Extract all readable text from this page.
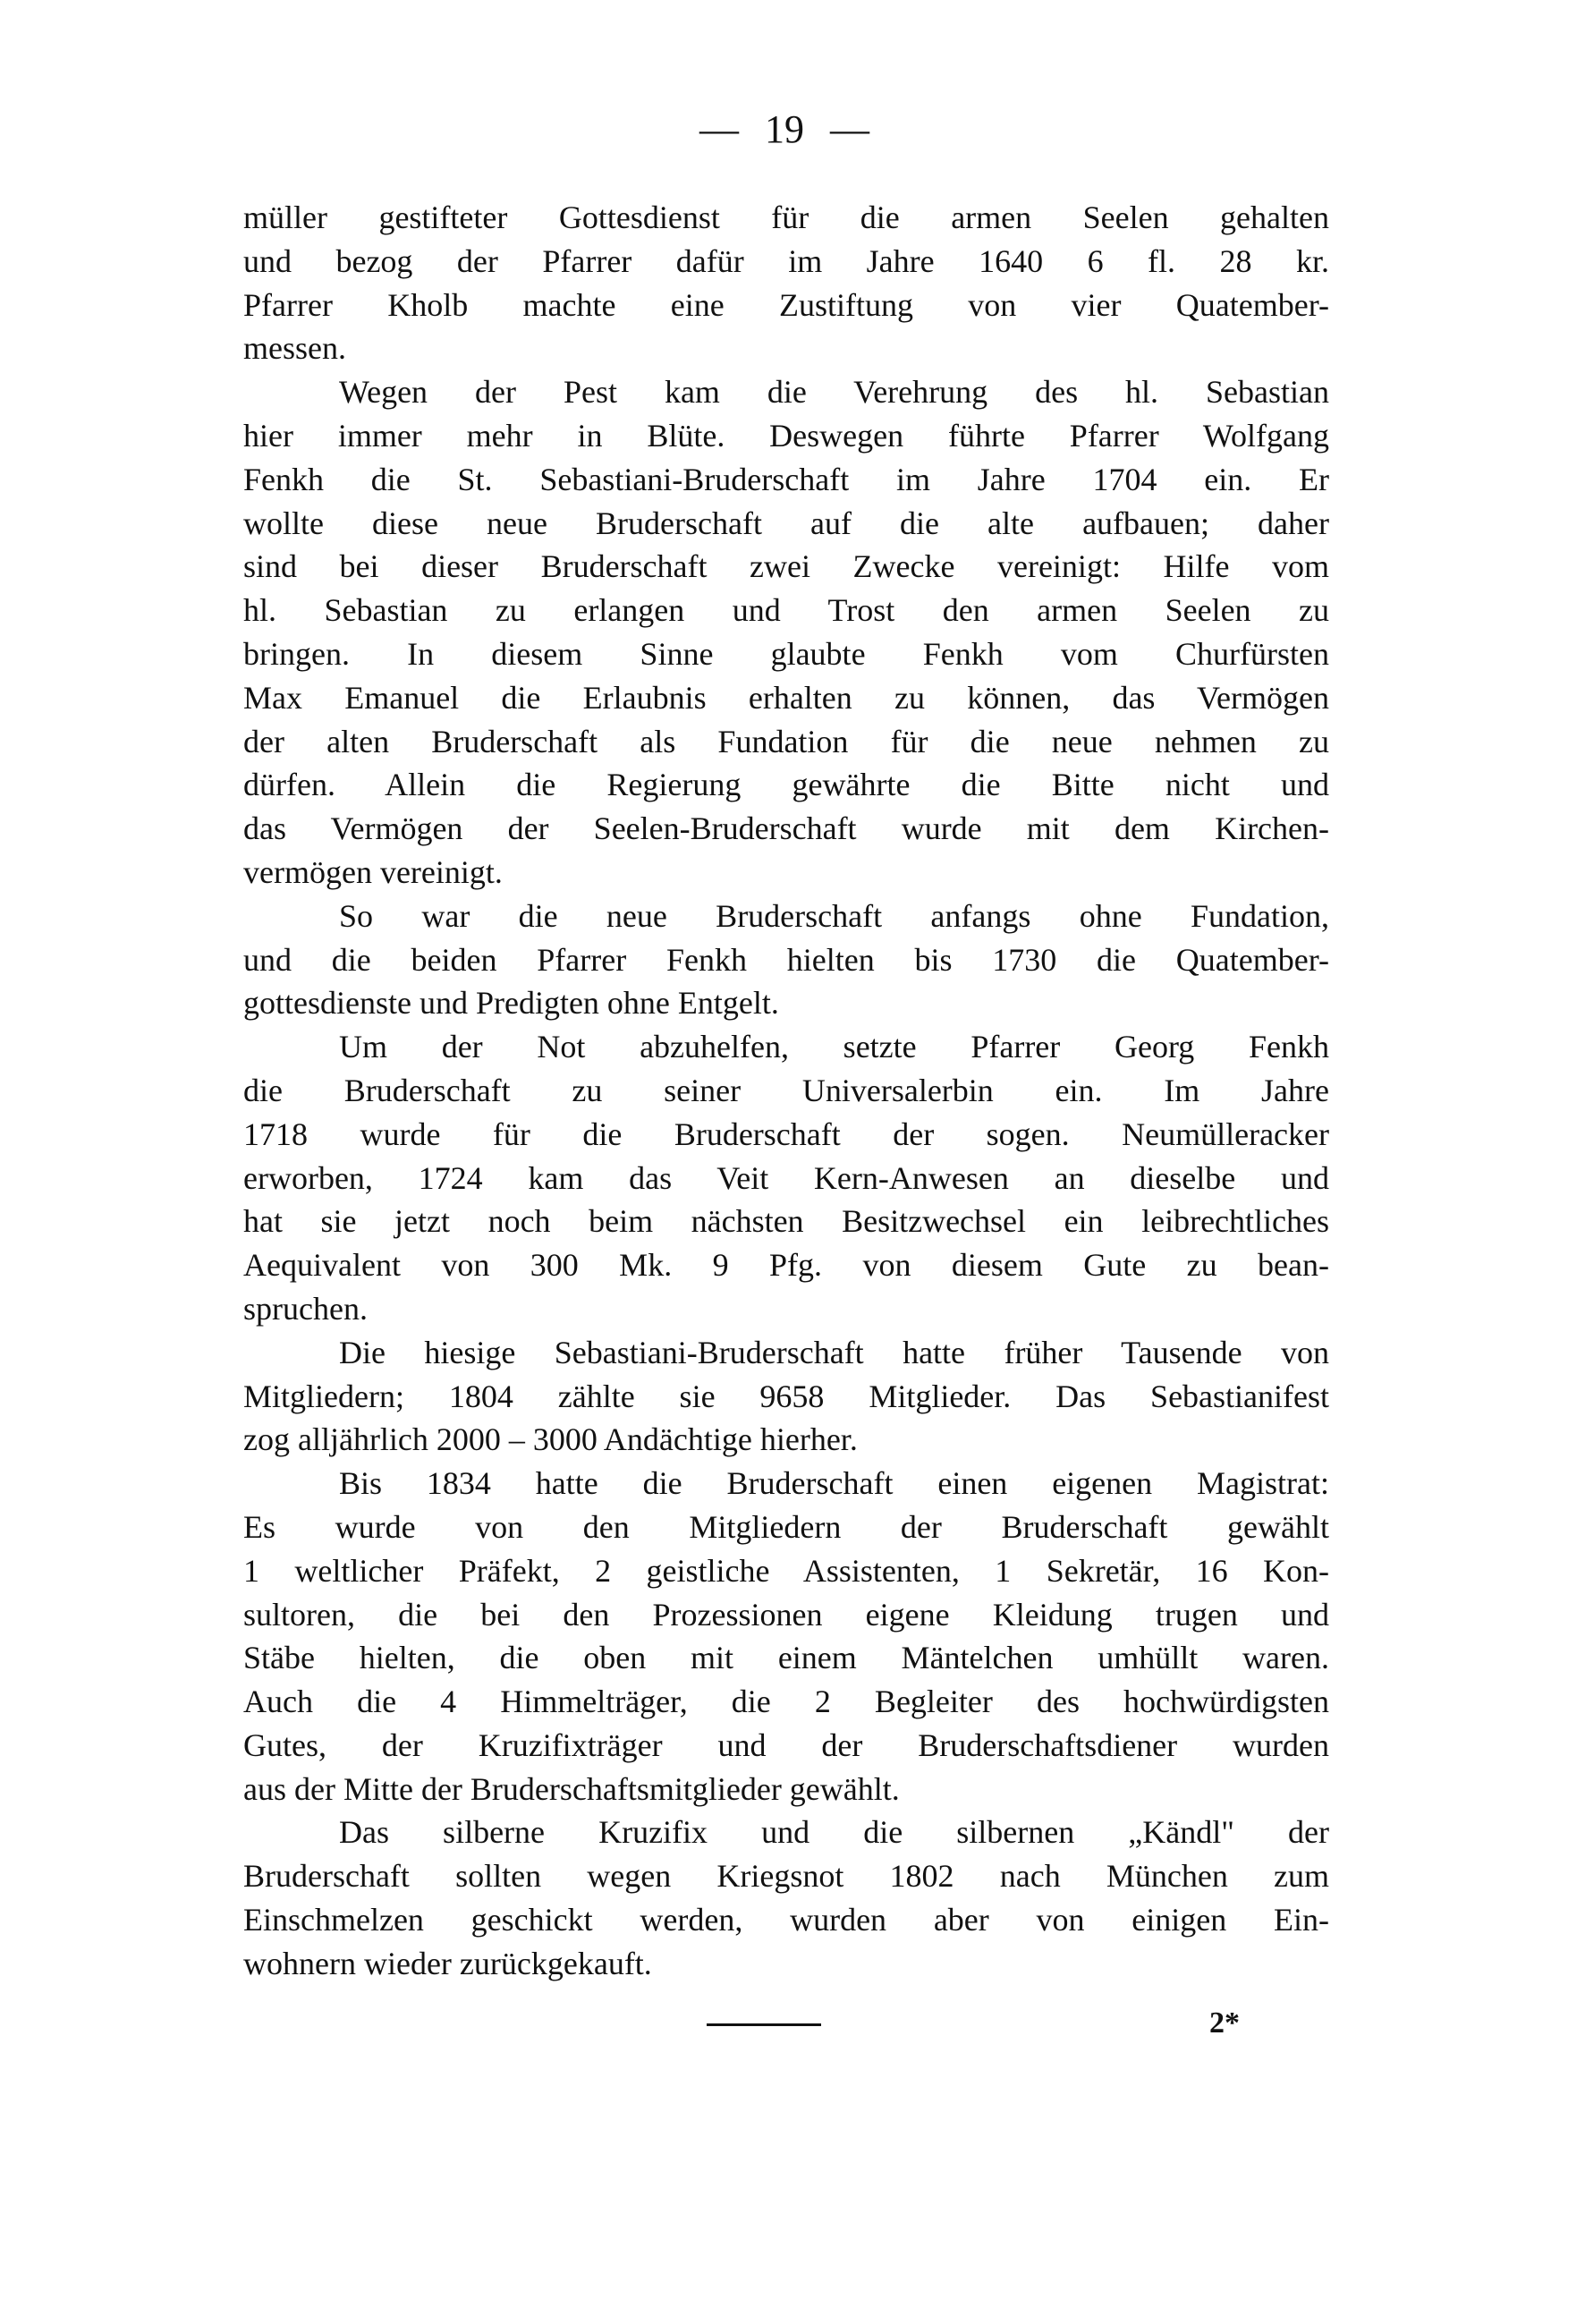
— 19 —
müller gestifteter Gottesdienst für die armen Seelen gehalten
und bezog der Pfarrer dafür im Jahre 1640 6 fl. 28 kr.
Pfarrer Kholb machte eine Zustiftung von vier Quatember-
messen.
Wegen der Pest kam die Verehrung des hl. Sebastian
hier immer mehr in Blüte. Deswegen führte Pfarrer Wolfgang
Fenkh die St. Sebastiani-Bruderschaft im Jahre 1704 ein. Er
wollte diese neue Bruderschaft auf die alte aufbauen; daher
sind bei dieser Bruderschaft zwei Zwecke vereinigt: Hilfe vom
hl. Sebastian zu erlangen und Trost den armen Seelen zu
bringen. In diesem Sinne glaubte Fenkh vom Churfürsten
Max Emanuel die Erlaubnis erhalten zu können, das Vermögen
der alten Bruderschaft als Fundation für die neue nehmen zu
dürfen. Allein die Regierung gewährte die Bitte nicht und
das Vermögen der Seelen-Bruderschaft wurde mit dem Kirchen-
vermögen vereinigt.
So war die neue Bruderschaft anfangs ohne Fundation,
und die beiden Pfarrer Fenkh hielten bis 1730 die Quatember-
gottesdienste und Predigten ohne Entgelt.
Um der Not abzuhelfen, setzte Pfarrer Georg Fenkh
die Bruderschaft zu seiner Universalerbin ein. Im Jahre
1718 wurde für die Bruderschaft der sogen. Neumülleracker
erworben, 1724 kam das Veit Kern-Anwesen an dieselbe und
hat sie jetzt noch beim nächsten Besitzwechsel ein leibrechtliches
Aequivalent von 300 Mk. 9 Pfg. von diesem Gute zu bean-
spruchen.
Die hiesige Sebastiani-Bruderschaft hatte früher Tausende von
Mitgliedern; 1804 zählte sie 9658 Mitglieder. Das Sebastianifest
zog alljährlich 2000 – 3000 Andächtige hierher.
Bis 1834 hatte die Bruderschaft einen eigenen Magistrat:
Es wurde von den Mitgliedern der Bruderschaft gewählt
1 weltlicher Präfekt, 2 geistliche Assistenten, 1 Sekretär, 16 Kon-
sultoren, die bei den Prozessionen eigene Kleidung trugen und
Stäbe hielten, die oben mit einem Mäntelchen umhüllt waren.
Auch die 4 Himmelträger, die 2 Begleiter des hochwürdigsten
Gutes, der Kruzifixträger und der Bruderschaftsdiener wurden
aus der Mitte der Bruderschaftsmitglieder gewählt.
Das silberne Kruzifix und die silbernen „Kändl" der
Bruderschaft sollten wegen Kriegsnot 1802 nach München zum
Einschmelzen geschickt werden, wurden aber von einigen Ein-
wohnern wieder zurückgekauft.
2*
